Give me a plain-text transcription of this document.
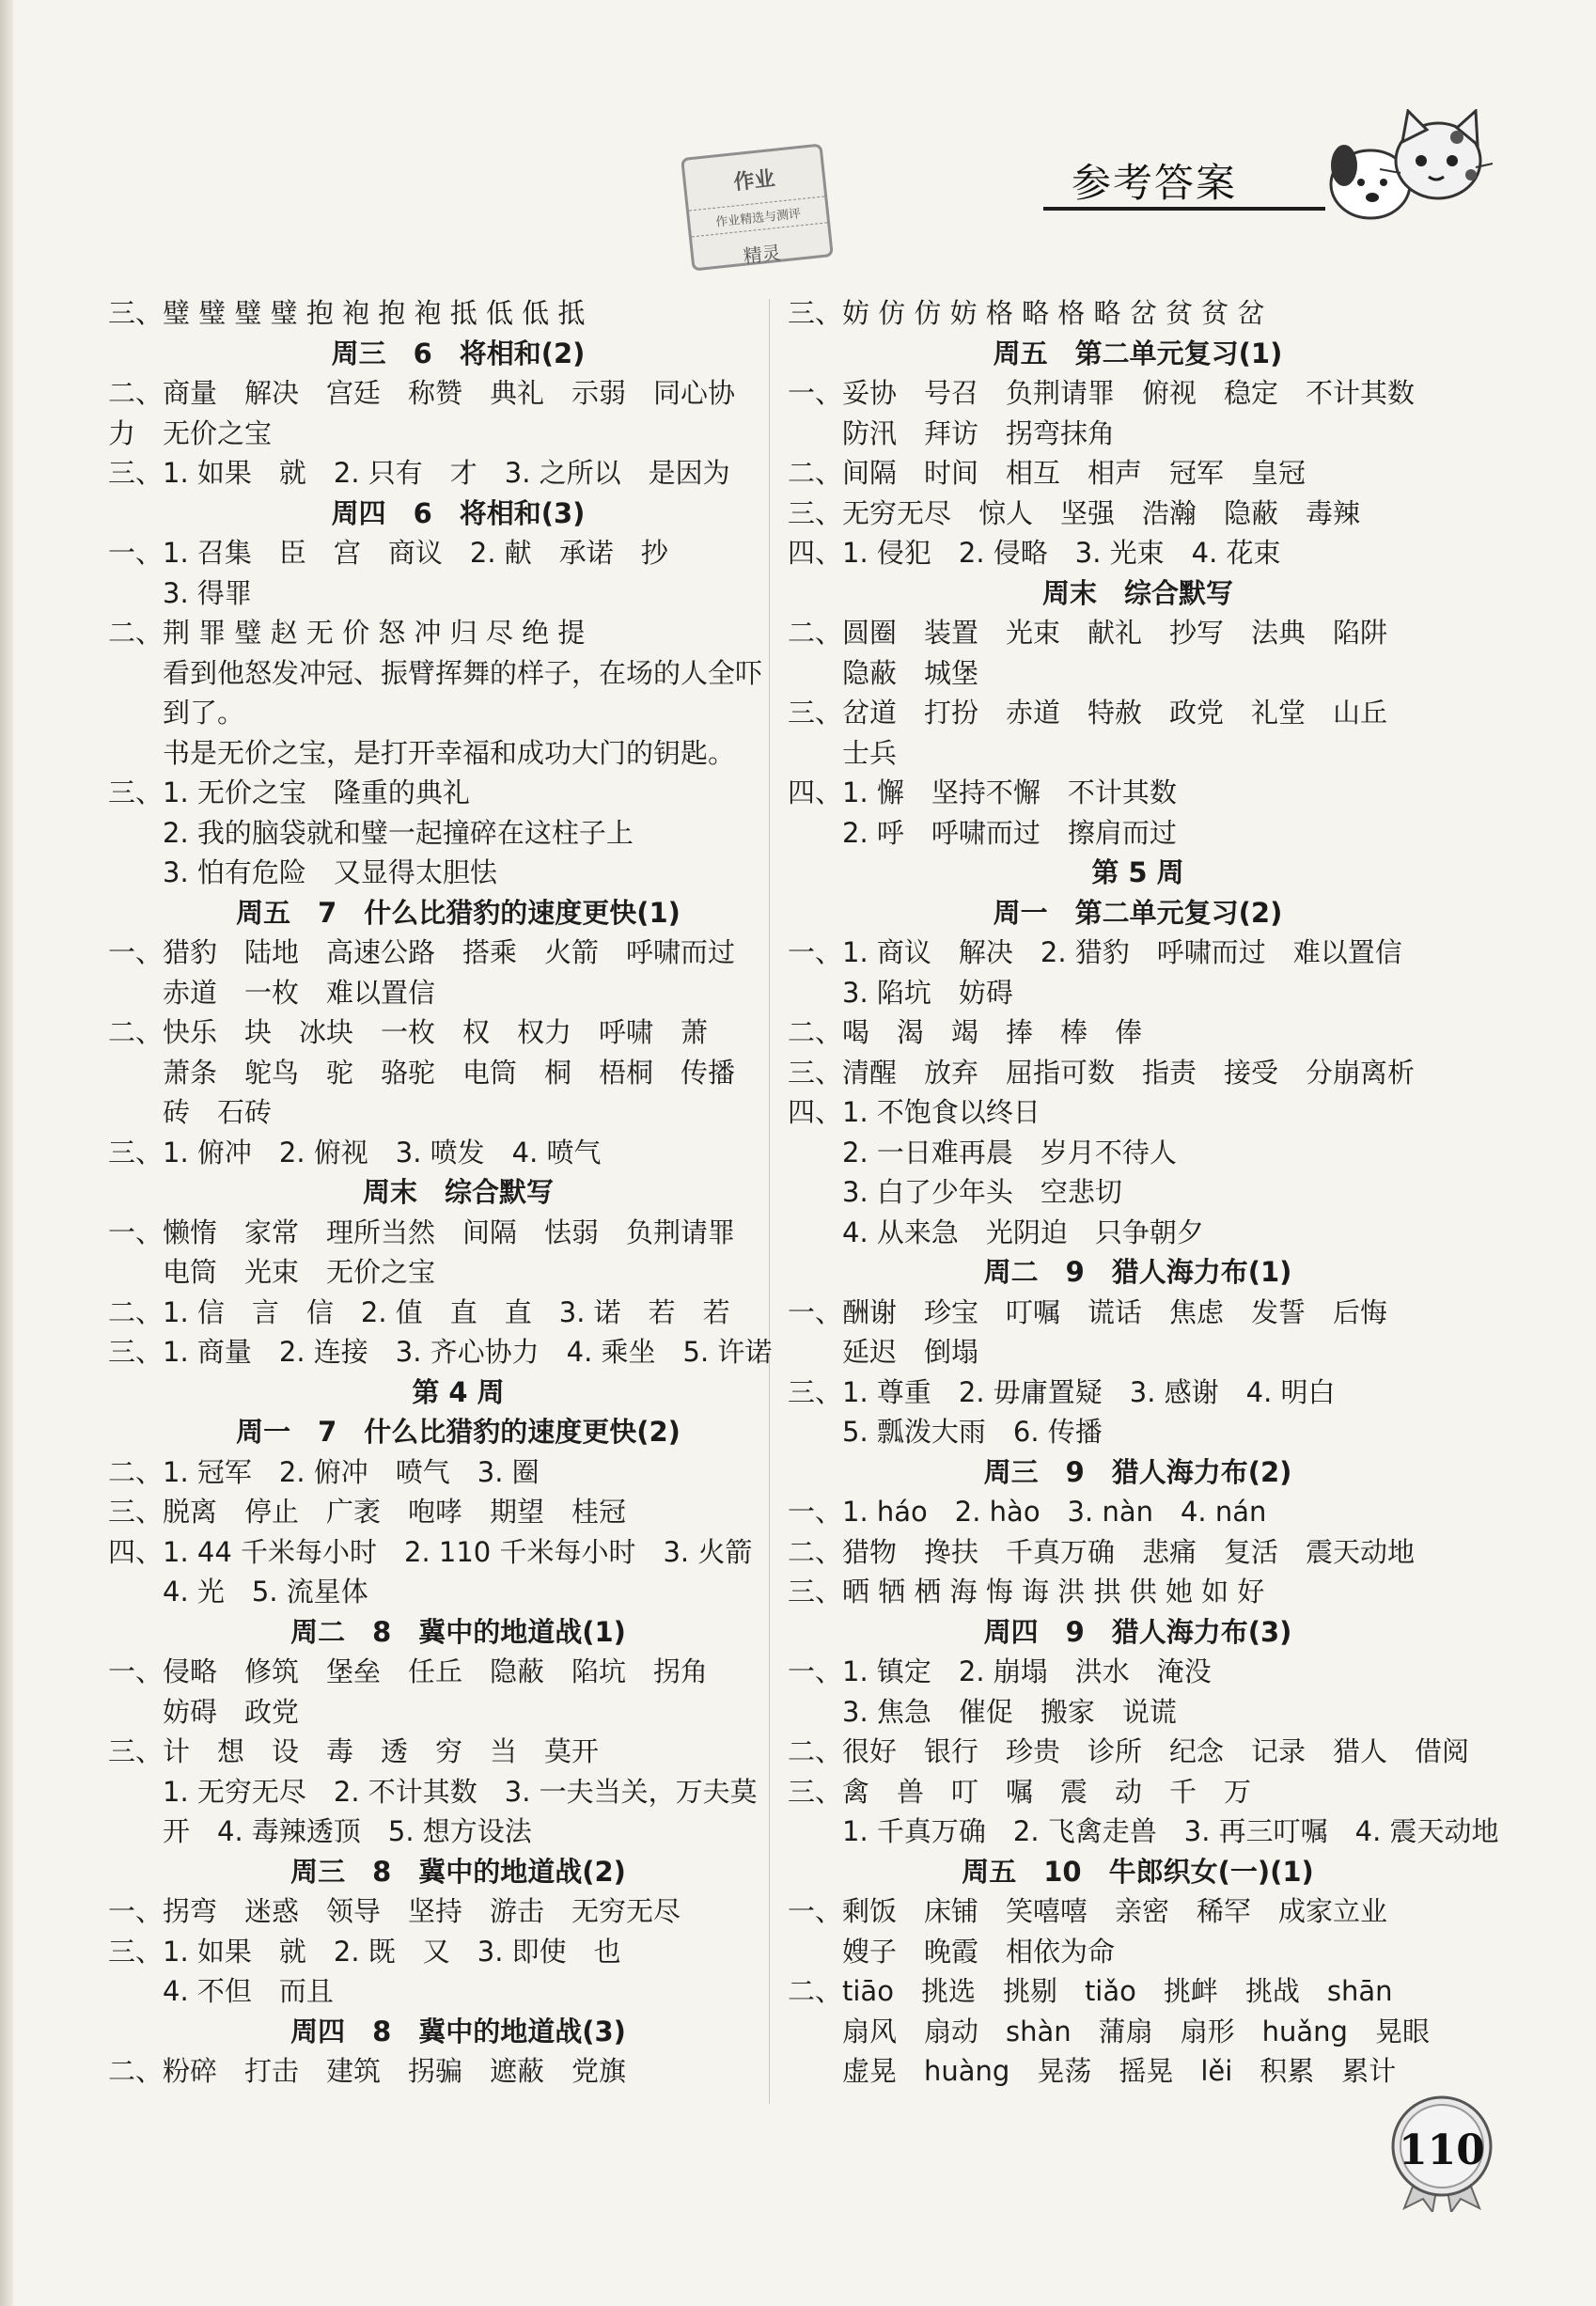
作业
作业精选与测评
精灵
参考答案
三、璧 璧 璧 璧 抱 袍 抱 袍 抵 低 低 抵
周三　6　将相和(2)
二、商量　解决　宫廷　称赞　典礼　示弱　同心协
力　无价之宝
三、1. 如果　就　2. 只有　才　3. 之所以　是因为
周四　6　将相和(3)
一、1. 召集　臣　宫　商议　2. 献　承诺　抄
3. 得罪
二、荆 罪 璧 赵 无 价 怒 冲 归 尽 绝 提
看到他怒发冲冠、振臂挥舞的样子，在场的人全吓
到了。
书是无价之宝，是打开幸福和成功大门的钥匙。
三、1. 无价之宝　隆重的典礼
2. 我的脑袋就和璧一起撞碎在这柱子上
3. 怕有危险　又显得太胆怯
周五　7　什么比猎豹的速度更快(1)
一、猎豹　陆地　高速公路　搭乘　火箭　呼啸而过
赤道　一枚　难以置信
二、快乐　块　冰块　一枚　权　权力　呼啸　萧
萧条　鸵鸟　驼　骆驼　电筒　桐　梧桐　传播
砖　石砖
三、1. 俯冲　2. 俯视　3. 喷发　4. 喷气
周末　综合默写
一、懒惰　家常　理所当然　间隔　怯弱　负荆请罪
电筒　光束　无价之宝
二、1. 信　言　信　2. 值　直　直　3. 诺　若　若
三、1. 商量　2. 连接　3. 齐心协力　4. 乘坐　5. 许诺
第 4 周
周一　7　什么比猎豹的速度更快(2)
二、1. 冠军　2. 俯冲　喷气　3. 圈
三、脱离　停止　广袤　咆哮　期望　桂冠
四、1. 44 千米每小时　2. 110 千米每小时　3. 火箭
4. 光　5. 流星体
周二　8　冀中的地道战(1)
一、侵略　修筑　堡垒　任丘　隐蔽　陷坑　拐角
妨碍　政党
三、计　想　设　毒　透　穷　当　莫开
1. 无穷无尽　2. 不计其数　3. 一夫当关，万夫莫
开　4. 毒辣透顶　5. 想方设法
周三　8　冀中的地道战(2)
一、拐弯　迷惑　领导　坚持　游击　无穷无尽
三、1. 如果　就　2. 既　又　3. 即使　也
4. 不但　而且
周四　8　冀中的地道战(3)
二、粉碎　打击　建筑　拐骗　遮蔽　党旗
三、妨 仿 仿 妨 格 略 格 略 岔 贫 贫 岔
周五　第二单元复习(1)
一、妥协　号召　负荆请罪　俯视　稳定　不计其数
防汛　拜访　拐弯抹角
二、间隔　时间　相互　相声　冠军　皇冠
三、无穷无尽　惊人　坚强　浩瀚　隐蔽　毒辣
四、1. 侵犯　2. 侵略　3. 光束　4. 花束
周末　综合默写
二、圆圈　装置　光束　献礼　抄写　法典　陷阱
隐蔽　城堡
三、岔道　打扮　赤道　特赦　政党　礼堂　山丘
士兵
四、1. 懈　坚持不懈　不计其数
2. 呼　呼啸而过　擦肩而过
第 5 周
周一　第二单元复习(2)
一、1. 商议　解决　2. 猎豹　呼啸而过　难以置信
3. 陷坑　妨碍
二、喝　渴　竭　捧　棒　俸
三、清醒　放弃　屈指可数　指责　接受　分崩离析
四、1. 不饱食以终日
2. 一日难再晨　岁月不待人
3. 白了少年头　空悲切
4. 从来急　光阴迫　只争朝夕
周二　9　猎人海力布(1)
一、酬谢　珍宝　叮嘱　谎话　焦虑　发誓　后悔
延迟　倒塌
三、1. 尊重　2. 毋庸置疑　3. 感谢　4. 明白
5. 瓢泼大雨　6. 传播
周三　9　猎人海力布(2)
一、1. háo　2. hào　3. nàn　4. nán
二、猎物　搀扶　千真万确　悲痛　复活　震天动地
三、晒 牺 栖 海 悔 诲 洪 拱 供 她 如 好
周四　9　猎人海力布(3)
一、1. 镇定　2. 崩塌　洪水　淹没
3. 焦急　催促　搬家　说谎
二、很好　银行　珍贵　诊所　纪念　记录　猎人　借阅
三、禽　兽　叮　嘱　震　动　千　万
1. 千真万确　2. 飞禽走兽　3. 再三叮嘱　4. 震天动地
周五　10　牛郎织女(一)(1)
一、剩饭　床铺　笑嘻嘻　亲密　稀罕　成家立业
嫂子　晚霞　相依为命
二、tiāo　挑选　挑剔　tiǎo　挑衅　挑战　shān
扇风　扇动　shàn　蒲扇　扇形　huǎng　晃眼
虚晃　huàng　晃荡　摇晃　lěi　积累　累计
110
